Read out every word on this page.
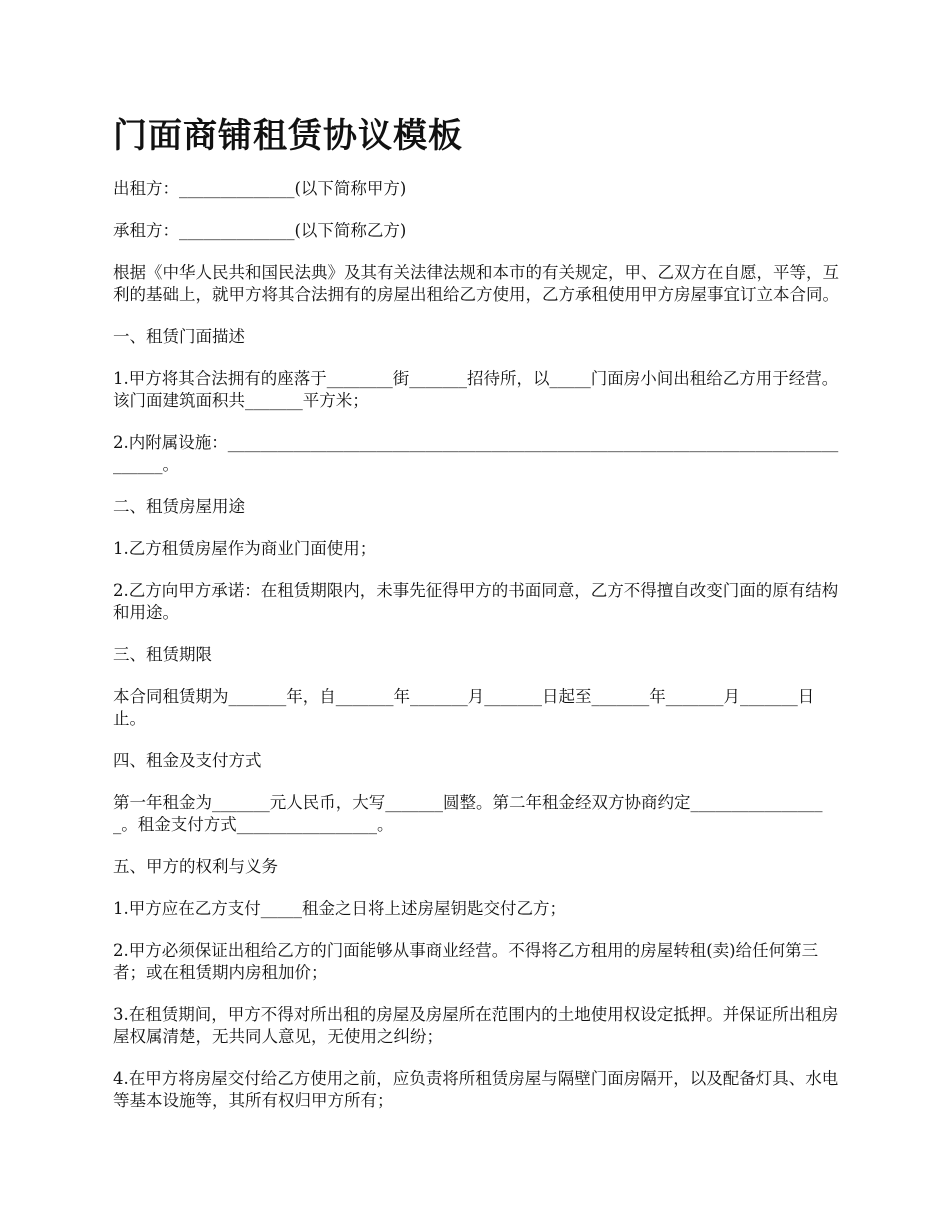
门面商铺租赁协议模板

出租方：______________(以下简称甲方)

承租方：______________(以下简称乙方)

根据《中华人民共和国民法典》及其有关法律法规和本市的有关规定，甲、乙双方在自愿，平等，互利的基础上，就甲方将其合法拥有的房屋出租给乙方使用，乙方承租使用甲方房屋事宜订立本合同。

一、租赁门面描述

1.甲方将其合法拥有的座落于________街_______招待所，以_____门面房小间出租给乙方用于经营。该门面建筑面积共_______平方米；

2.内附属设施：________________________________________________________________________________。

二、租赁房屋用途

1.乙方租赁房屋作为商业门面使用；

2.乙方向甲方承诺：在租赁期限内，未事先征得甲方的书面同意，乙方不得擅自改变门面的原有结构和用途。

三、租赁期限

本合同租赁期为_______年，自_______年_______月_______日起至_______年_______月_______日止。

四、租金及支付方式

第一年租金为_______元人民币，大写_______圆整。第二年租金经双方协商约定_________________。租金支付方式_________________。

五、甲方的权利与义务

1.甲方应在乙方支付_____租金之日将上述房屋钥匙交付乙方；

2.甲方必须保证出租给乙方的门面能够从事商业经营。不得将乙方租用的房屋转租(卖)给任何第三者；或在租赁期内房租加价；

3.在租赁期间，甲方不得对所出租的房屋及房屋所在范围内的土地使用权设定抵押。并保证所出租房屋权属清楚，无共同人意见，无使用之纠纷；

4.在甲方将房屋交付给乙方使用之前，应负责将所租赁房屋与隔壁门面房隔开，以及配备灯具、水电等基本设施等，其所有权归甲方所有；
